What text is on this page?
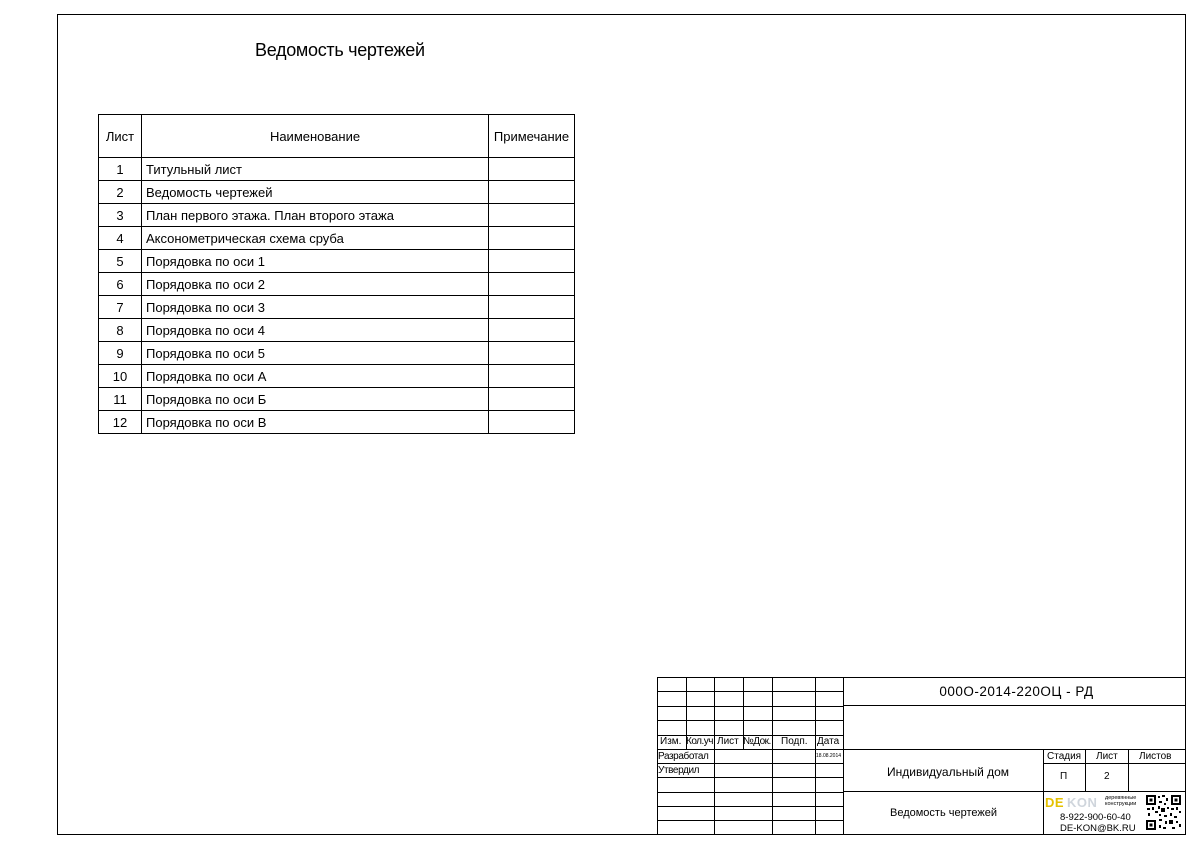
Ведомость чертежей
Лист	Наименование	Примечание
1	Титульный лист	
2	Ведомость чертежей	
3	План первого этажа. План второго этажа	
4	Аксонометрическая схема сруба	
5	Порядовка по оси 1	
6	Порядовка по оси 2	
7	Порядовка по оси 3	
8	Порядовка по оси 4	
9	Порядовка по оси 5	
10	Порядовка по оси А	
11	Порядовка по оси Б	
12	Порядовка по оси В	
Изм. Кол.уч Лист №Док. Подп. Дата
Разработал	18.08.2014
Утвердил
000О-2014-220ОЦ - РД
Индивидуальный дом
Ведомость чертежей
Стадия Лист Листов
П	2
DE KON деревянные конструкции
8-922-900-60-40
DE-KON@BK.RU
